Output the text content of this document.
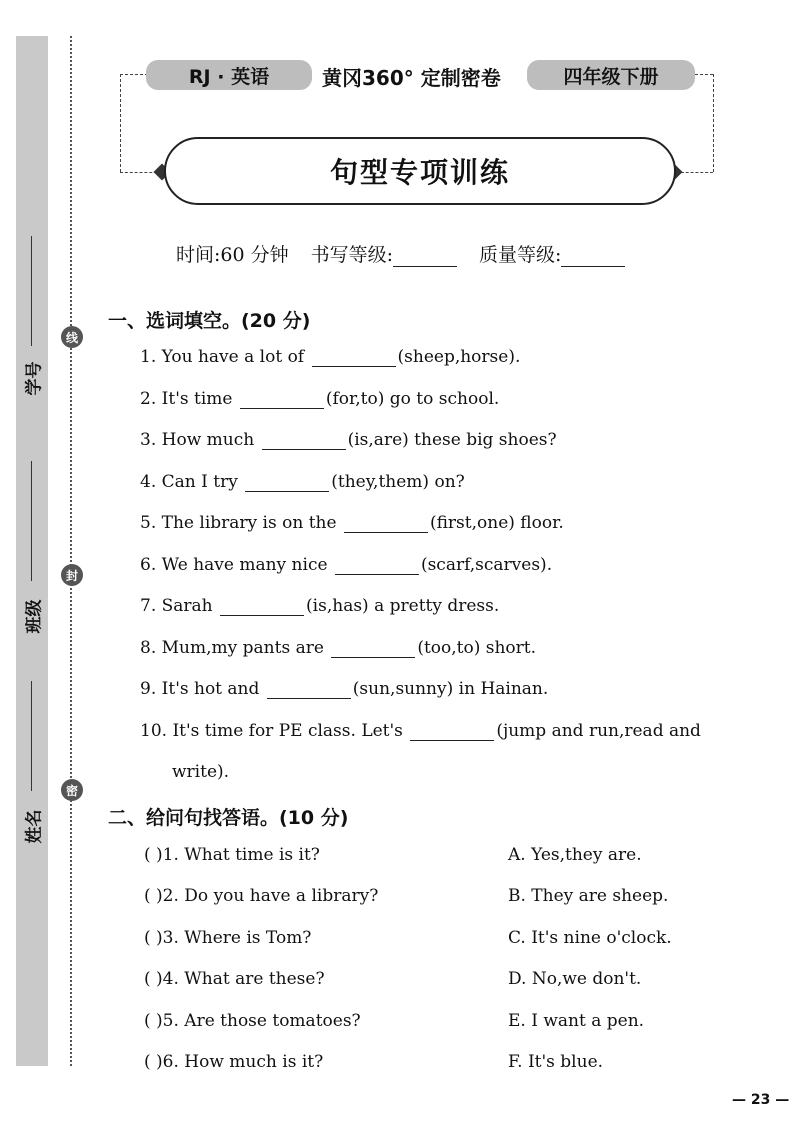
学号
班级
姓名
线
封
密
RJ · 英语	黄冈360° 定制密卷	四年级下册
句型专项训练
时间:60 分钟 书写等级:	质量等级:
一、选词填空。(20 分)
1. You have a lot of	(sheep,horse).
2. It's time	(for,to) go to school.
3. How much	(is,are) these big shoes?
4. Can I try	(they,them) on?
5. The library is on the	(first,one) floor.
6. We have many nice	(scarf,scarves).
7. Sarah	(is,has) a pretty dress.
8. Mum,my pants are	(too,to) short.
9. It's hot and	(sun,sunny) in Hainan.
10. It's time for PE class. Let's	(jump and run,read and
write).
二、给问句找答语。(10 分)
( )1. What time is it?	A. Yes,they are.
( )2. Do you have a library?	B. They are sheep.
( )3. Where is Tom?	C. It's nine o'clock.
( )4. What are these?	D. No,we don't.
( )5. Are those tomatoes?	E. I want a pen.
( )6. How much is it?	F. It's blue.
— 23 —
